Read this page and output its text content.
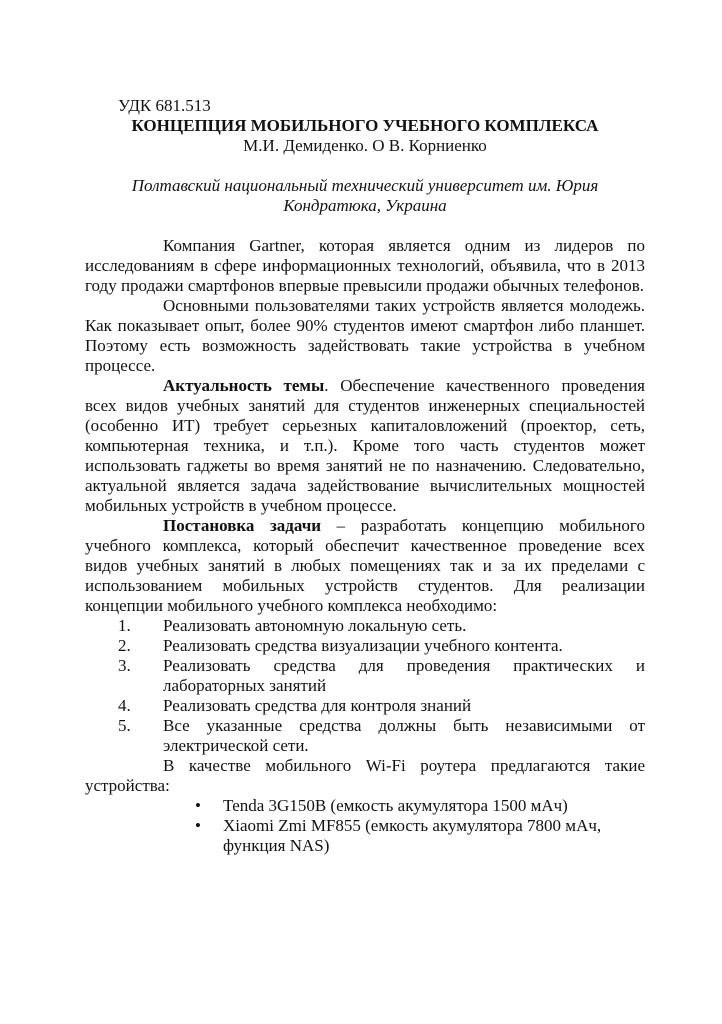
УДК 681.513

КОНЦЕПЦИЯ МОБИЛЬНОГО УЧЕБНОГО КОМПЛЕКСА

М.И. Демиденко. О В. Корниенко

Полтавский национальный технический университет им. Юрия Кондратюка, Украина

Компания Gartner, которая является одним из лидеров по исследованиям в сфере информационных технологий, объявила, что в 2013 году продажи смартфонов впервые превысили продажи обычных телефонов.

Основными пользователями таких устройств является молодежь. Как показывает опыт, более 90% студентов имеют смартфон либо планшет. Поэтому есть возможность задействовать такие устройства в учебном процессе.

Актуальность темы. Обеспечение качественного проведения всех видов учебных занятий для студентов инженерных специальностей (особенно ИТ) требует серьезных капиталовложений (проектор, сеть, компьютерная техника, и т.п.). Кроме того часть студентов может использовать гаджеты во время занятий не по назначению. Следовательно, актуальной является задача задействование вычислительных мощностей мобильных устройств в учебном процессе.

Постановка задачи – разработать концепцию мобильного учебного комплекса, который обеспечит качественное проведение всех видов учебных занятий в любых помещениях так и за их пределами с использованием мобильных устройств студентов. Для реализации концепции мобильного учебного комплекса необходимо:

1. Реализовать автономную локальную сеть.
2. Реализовать средства визуализации учебного контента.
3. Реализовать средства для проведения практических и лабораторных занятий
4. Реализовать средства для контроля знаний
5. Все указанные средства должны быть независимыми от электрической сети.

В качестве мобильного Wi-Fi роутера предлагаются такие устройства:

• Tenda 3G150B (емкость акумулятора 1500 мАч)
• Xiaomi Zmi MF855 (емкость акумулятора 7800 мАч, функция NAS)
